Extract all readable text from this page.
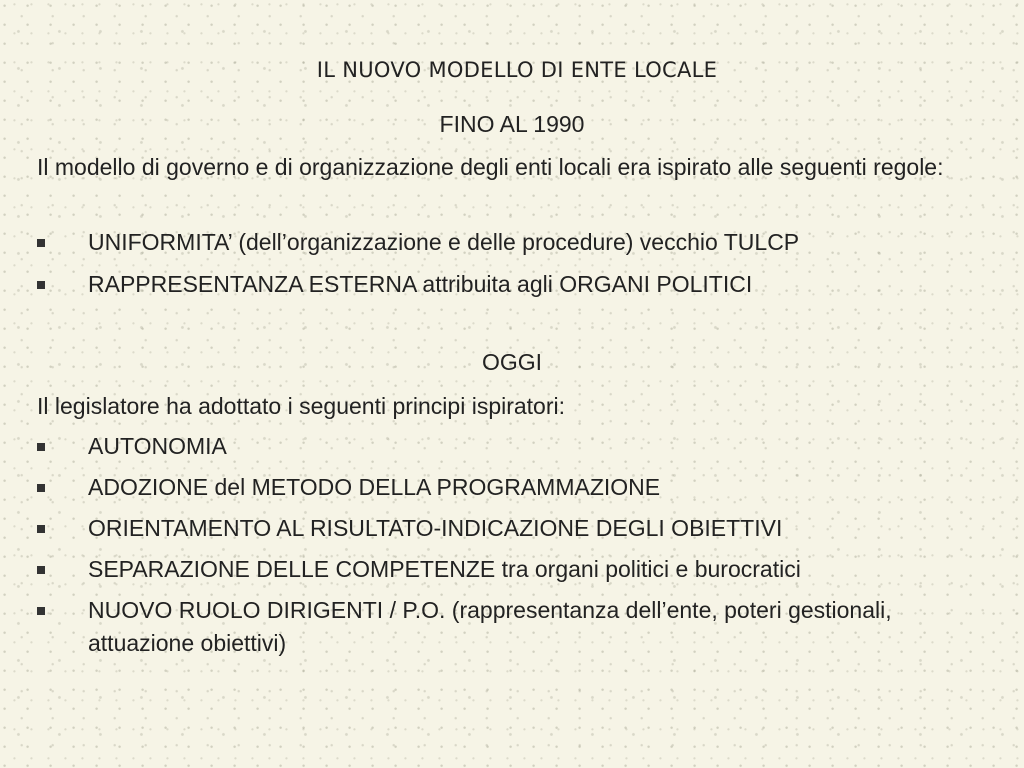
IL NUOVO MODELLO DI ENTE LOCALE
FINO AL 1990
Il modello di governo e di organizzazione degli enti locali era ispirato alle seguenti regole:
UNIFORMITA’ (dell’organizzazione e delle procedure) vecchio TULCP
RAPPRESENTANZA ESTERNA attribuita agli ORGANI POLITICI
OGGI
Il legislatore ha adottato i seguenti principi ispiratori:
AUTONOMIA
ADOZIONE del METODO DELLA PROGRAMMAZIONE
ORIENTAMENTO AL RISULTATO-INDICAZIONE DEGLI OBIETTIVI
SEPARAZIONE DELLE COMPETENZE tra organi politici e burocratici
NUOVO RUOLO DIRIGENTI / P.O. (rappresentanza dell’ente, poteri gestionali, attuazione obiettivi)
